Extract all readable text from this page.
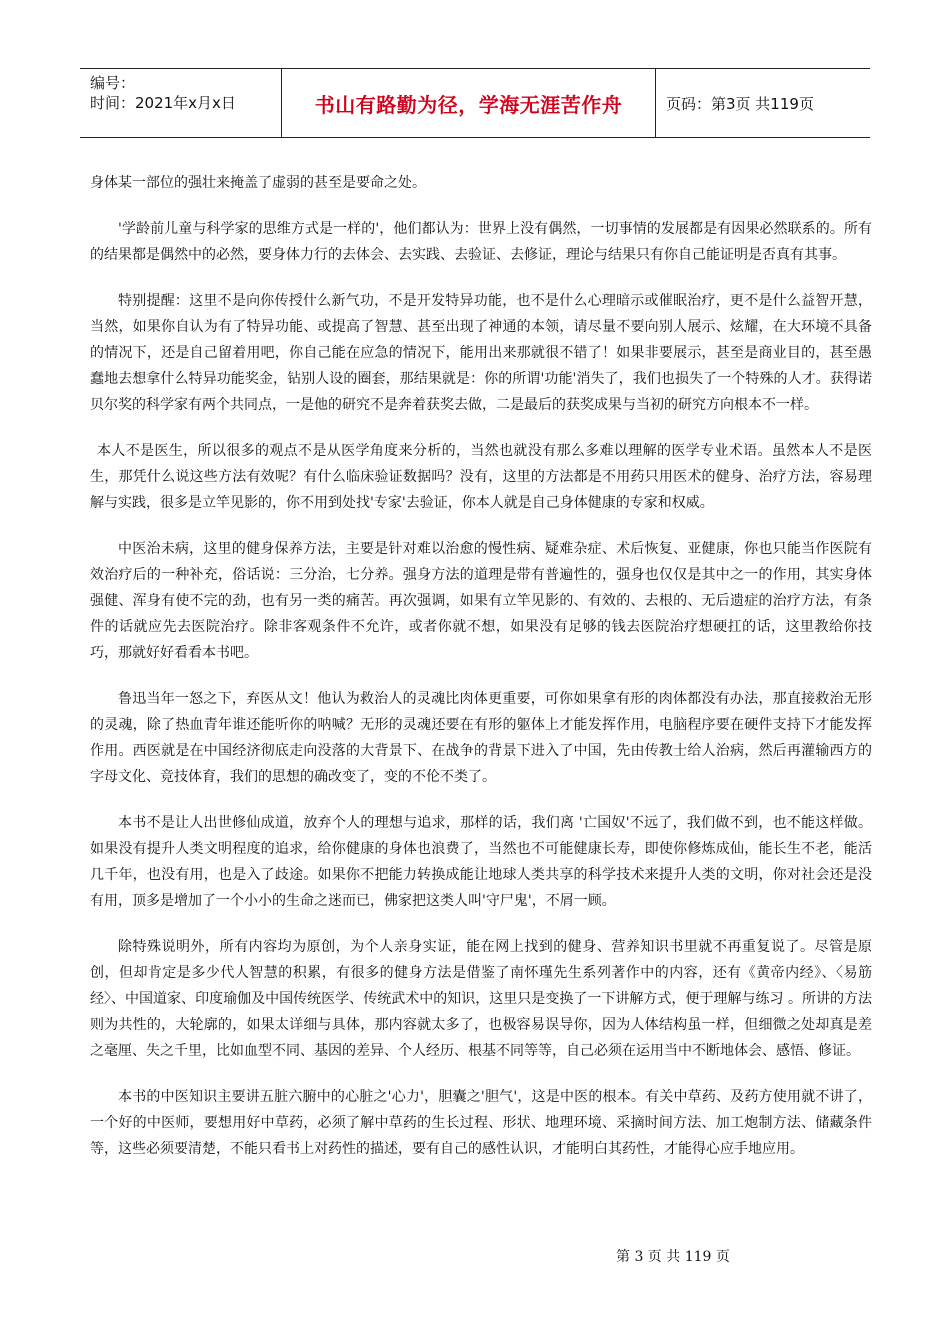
编号：
时间：2021年x月x日	书山有路勤为径，学海无涯苦作舟	页码：第3页 共119页

身体某一部位的强壮来掩盖了虚弱的甚至是要命之处。

'学龄前儿童与科学家的思维方式是一样的'，他们都认为：世界上没有偶然，一切事情的发展都是有因果必然联系的。所有的结果都是偶然中的必然，要身体力行的去体会、去实践、去验证、去修证，理论与结果只有你自己能证明是否真有其事。

特别提醒：这里不是向你传授什么新气功，不是开发特异功能，也不是什么心理暗示或催眠治疗，更不是什么益智开慧，当然，如果你自认为有了特异功能、或提高了智慧、甚至出现了神通的本领，请尽量不要向别人展示、炫耀，在大环境不具备的情况下，还是自己留着用吧，你自己能在应急的情况下，能用出来那就很不错了！如果非要展示，甚至是商业目的，甚至愚蠢地去想拿什么特异功能奖金，钻别人设的圈套，那结果就是：你的所谓'功能'消失了，我们也损失了一个特殊的人才。获得诺贝尔奖的科学家有两个共同点，一是他的研究不是奔着获奖去做，二是最后的获奖成果与当初的研究方向根本不一样。

本人不是医生，所以很多的观点不是从医学角度来分析的，当然也就没有那么多难以理解的医学专业术语。虽然本人不是医生，那凭什么说这些方法有效呢？有什么临床验证数据吗？没有，这里的方法都是不用药只用医术的健身、治疗方法，容易理解与实践，很多是立竿见影的，你不用到处找'专家'去验证，你本人就是自己身体健康的专家和权威。

中医治未病，这里的健身保养方法，主要是针对难以治愈的慢性病、疑难杂症、术后恢复、亚健康，你也只能当作医院有效治疗后的一种补充，俗话说：三分治，七分养。强身方法的道理是带有普遍性的，强身也仅仅是其中之一的作用，其实身体强健、浑身有使不完的劲，也有另一类的痛苦。再次强调，如果有立竿见影的、有效的、去根的、无后遗症的治疗方法，有条件的话就应先去医院治疗。除非客观条件不允许，或者你就不想，如果没有足够的钱去医院治疗想硬扛的话，这里教给你技巧，那就好好看看本书吧。

鲁迅当年一怒之下，弃医从文！他认为救治人的灵魂比肉体更重要，可你如果拿有形的肉体都没有办法，那直接救治无形的灵魂，除了热血青年谁还能听你的呐喊？无形的灵魂还要在有形的躯体上才能发挥作用，电脑程序要在硬件支持下才能发挥作用。西医就是在中国经济彻底走向没落的大背景下、在战争的背景下进入了中国，先由传教士给人治病，然后再灌输西方的字母文化、竞技体育，我们的思想的确改变了，变的不伦不类了。

本书不是让人出世修仙成道，放弃个人的理想与追求，那样的话，我们离 '亡国奴'不远了，我们做不到，也不能这样做。如果没有提升人类文明程度的追求，给你健康的身体也浪费了，当然也不可能健康长寿，即使你修炼成仙，能长生不老，能活几千年，也没有用，也是入了歧途。如果你不把能力转换成能让地球人类共享的科学技术来提升人类的文明，你对社会还是没有用，顶多是增加了一个小小的生命之迷而已，佛家把这类人叫'守尸鬼'，不屑一顾。

除特殊说明外，所有内容均为原创，为个人亲身实证，能在网上找到的健身、营养知识书里就不再重复说了。尽管是原创，但却肯定是多少代人智慧的积累，有很多的健身方法是借鉴了南怀瑾先生系列著作中的内容，还有《黄帝内经》、〈易筋经〉、中国道家、印度瑜伽及中国传统医学、传统武术中的知识，这里只是变换了一下讲解方式，便于理解与练习 。所讲的方法则为共性的，大轮廓的，如果太详细与具体，那内容就太多了，也极容易误导你，因为人体结构虽一样，但细微之处却真是差之毫厘、失之千里，比如血型不同、基因的差异、个人经历、根基不同等等，自己必须在运用当中不断地体会、感悟、修证。

本书的中医知识主要讲五脏六腑中的心脏之'心力'，胆囊之'胆气'，这是中医的根本。有关中草药、及药方使用就不讲了，一个好的中医师，要想用好中草药，必须了解中草药的生长过程、形状、地理环境、采摘时间方法、加工炮制方法、储藏条件等，这些必须要清楚，不能只看书上对药性的描述，要有自己的感性认识，才能明白其药性，才能得心应手地应用。

第 3 页 共 119 页
